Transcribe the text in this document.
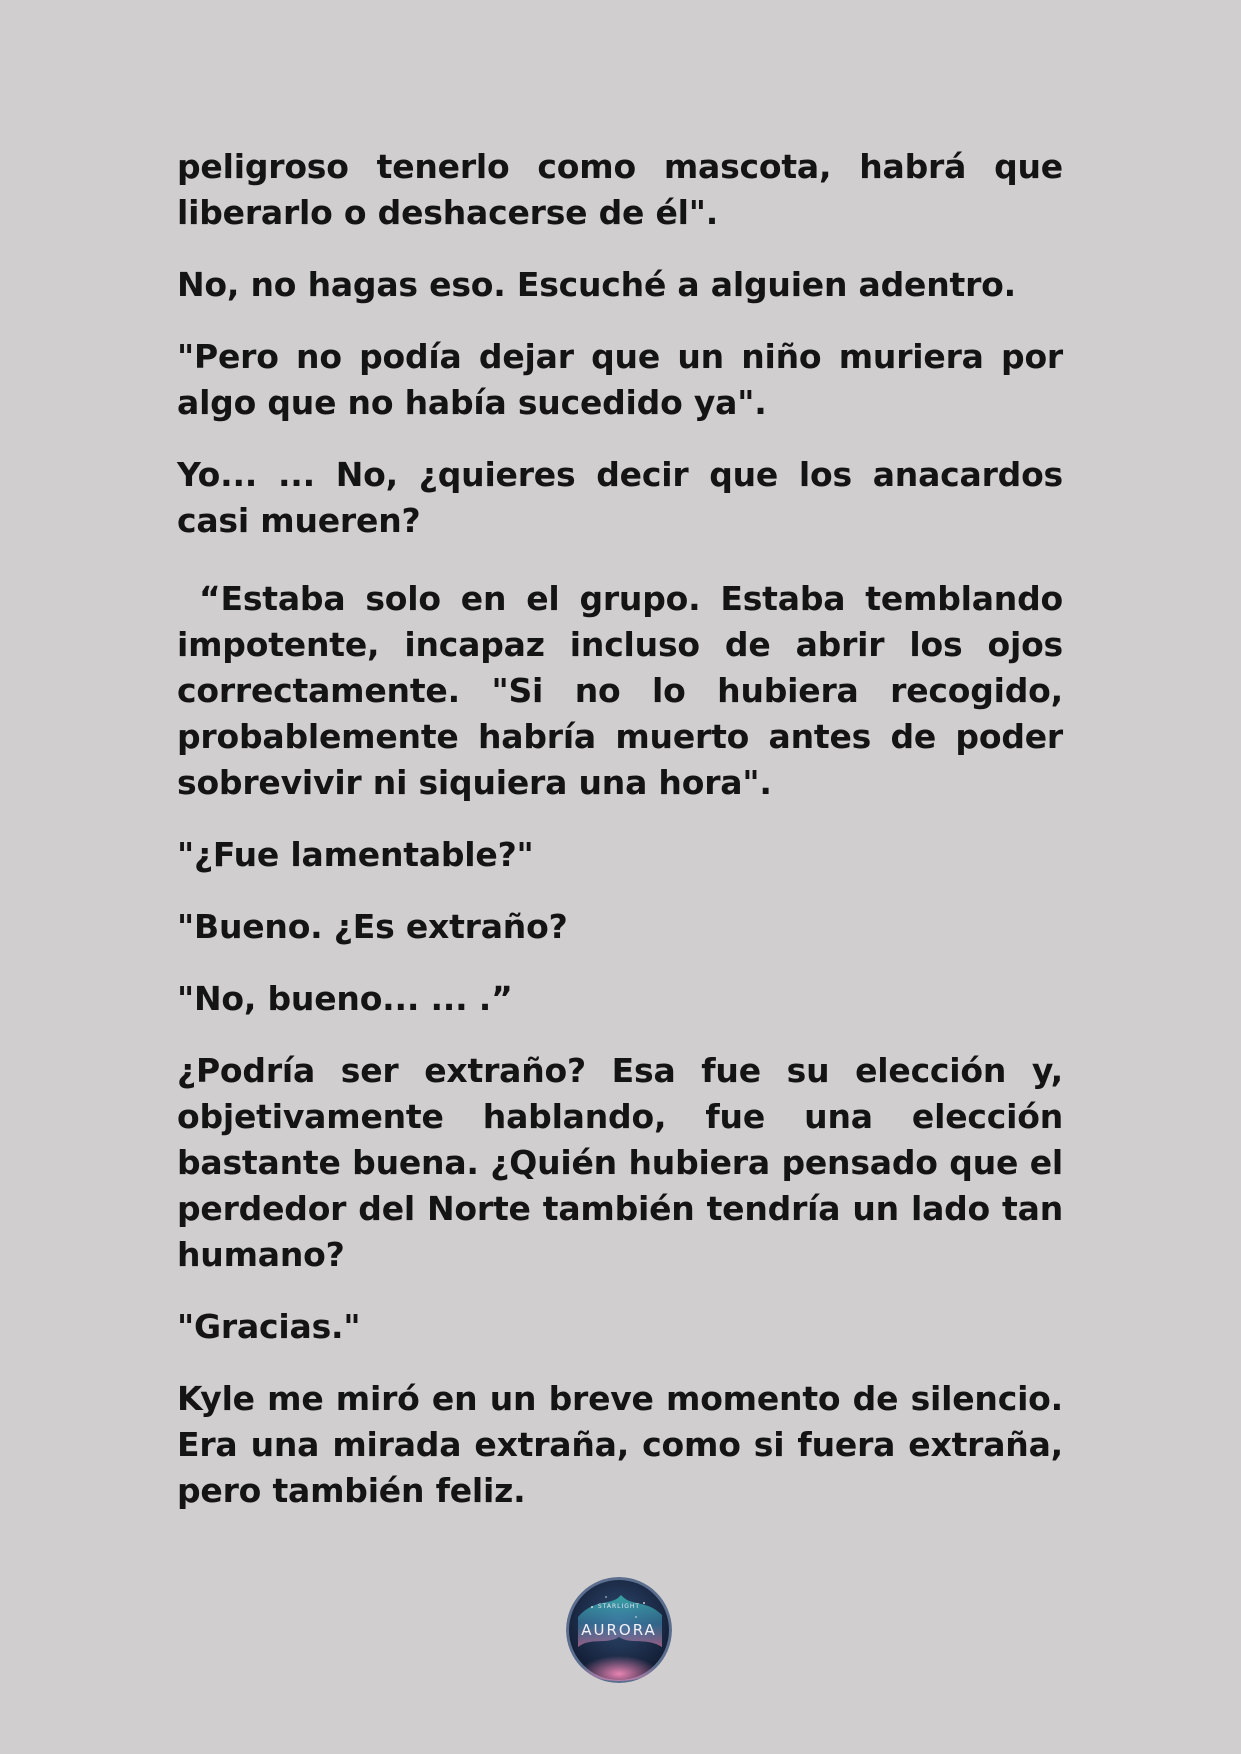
peligroso tenerlo como mascota, habrá que liberarlo o deshacerse de él".

No, no hagas eso. Escuché a alguien adentro.

"Pero no podía dejar que un niño muriera por algo que no había sucedido ya".

Yo... ... No, ¿quieres decir que los anacardos casi mueren?

“Estaba solo en el grupo. Estaba temblando impotente, incapaz incluso de abrir los ojos correctamente. "Si no lo hubiera recogido, probablemente habría muerto antes de poder sobrevivir ni siquiera una hora".

"¿Fue lamentable?"

"Bueno. ¿Es extraño?

"No, bueno... ... .”

¿Podría ser extraño? Esa fue su elección y, objetivamente hablando, fue una elección bastante buena. ¿Quién hubiera pensado que el perdedor del Norte también tendría un lado tan humano?

"Gracias."

Kyle me miró en un breve momento de silencio. Era una mirada extraña, como si fuera extraña, pero también feliz.

STARLIGHT
AURORA
